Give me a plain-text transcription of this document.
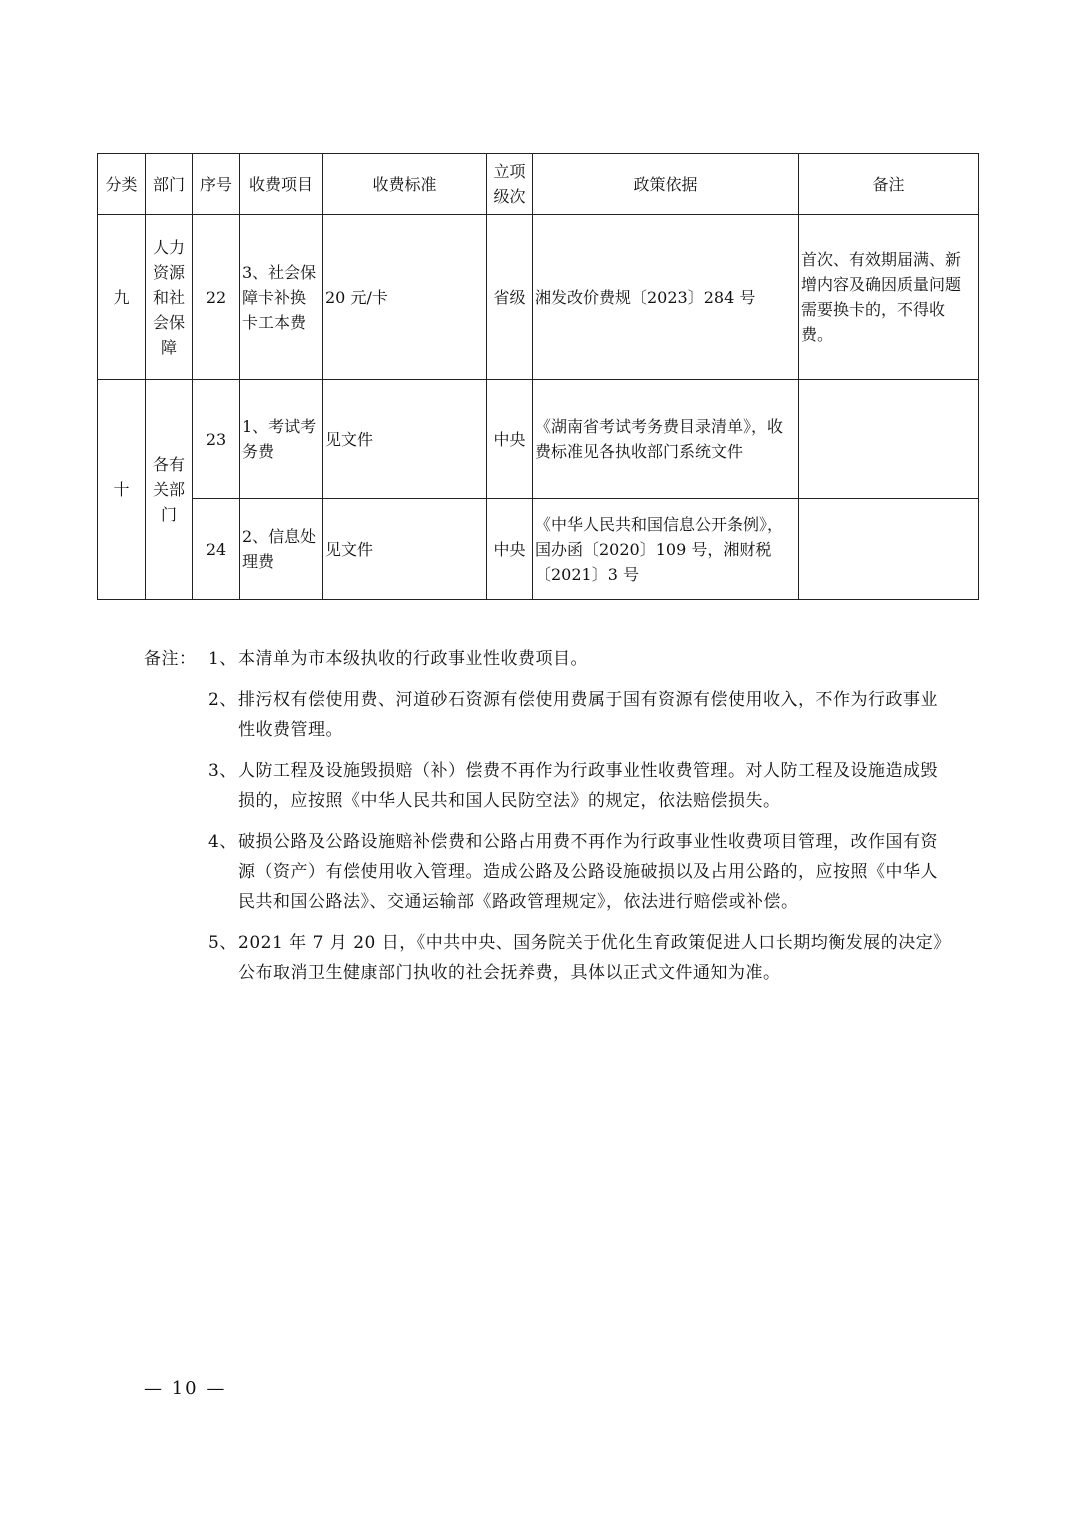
分类	部门	序号	收费项目	收费标准	立项级次	政策依据	备注
九	人力资源和社会保障	22	3、社会保障卡补换卡工本费	20 元/卡	省级	湘发改价费规〔2023〕284 号	首次、有效期届满、新增内容及确因质量问题需要换卡的，不得收费。
十	各有关部门	23	1、考试考务费	见文件	中央	《湖南省考试考务费目录清单》，收费标准见各执收部门系统文件	
		24	2、信息处理费	见文件	中央	《中华人民共和国信息公开条例》， 国办函〔2020〕109 号，湘财税〔2021〕3 号	
备注： 1、 本清单为市本级执收的行政事业性收费项目。
2、 排污权有偿使用费、河道砂石资源有偿使用费属于国有资源有偿使用收入，不作为行政事业性收费管理。
3、 人防工程及设施毁损赔（补）偿费不再作为行政事业性收费管理。对人防工程及设施造成毁损的，应按照《中华人民共和国人民防空法》的规定，依法赔偿损失。
4、 破损公路及公路设施赔补偿费和公路占用费不再作为行政事业性收费项目管理，改作国有资源（资产）有偿使用收入管理。造成公路及公路设施破损以及占用公路的，应按照《中华人民共和国公路法》、交通运输部《路政管理规定》，依法进行赔偿或补偿。
5、 2021 年 7 月 20 日，《中共中央、国务院关于优化生育政策促进人口长期均衡发展的决定》公布取消卫生健康部门执收的社会抚养费，具体以正式文件通知为准。
— 10 —
